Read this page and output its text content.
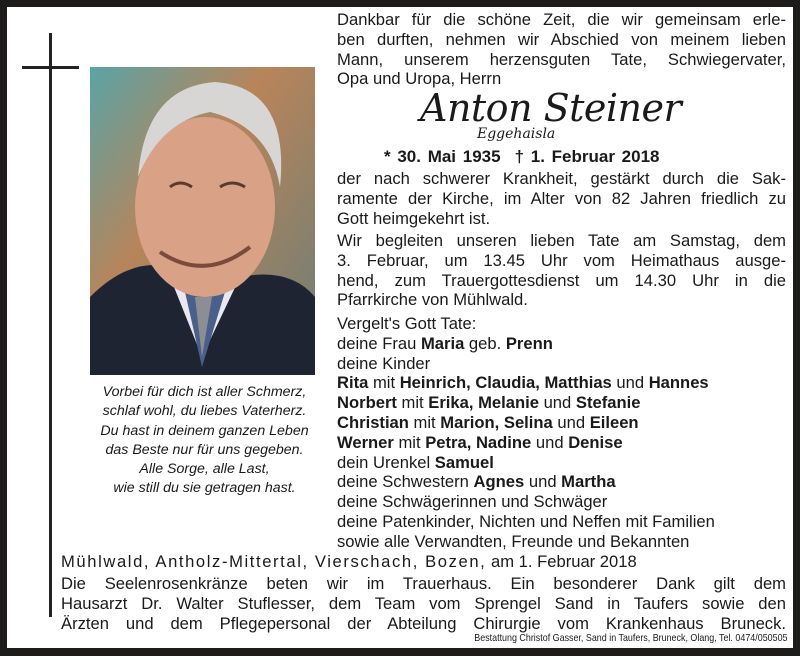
Vorbei für dich ist aller Schmerz,
schlaf wohl, du liebes Vaterherz.
Du hast in deinem ganzen Leben
das Beste nur für uns gegeben.
Alle Sorge, alle Last,
wie still du sie getragen hast.
Dankbar für die schöne Zeit, die wir gemeinsam erle-
ben durften, nehmen wir Abschied von meinem lieben
Mann, unserem herzensguten Tate, Schwiegervater,
Opa und Uropa, Herrn
Anton Steiner
Eggehaisla
* 30. Mai 1935 † 1. Februar 2018
der nach schwerer Krankheit, gestärkt durch die Sak-
ramente der Kirche, im Alter von 82 Jahren friedlich zu
Gott heimgekehrt ist.
Wir begleiten unseren lieben Tate am Samstag, dem
3. Februar, um 13.45 Uhr vom Heimathaus ausge-
hend, zum Trauergottesdienst um 14.30 Uhr in die
Pfarrkirche von Mühlwald.
Vergelt's Gott Tate:
deine Frau Maria geb. Prenn
deine Kinder
Rita mit Heinrich, Claudia, Matthias und Hannes
Norbert mit Erika, Melanie und Stefanie
Christian mit Marion, Selina und Eileen
Werner mit Petra, Nadine und Denise
dein Urenkel Samuel
deine Schwestern Agnes und Martha
deine Schwägerinnen und Schwäger
deine Patenkinder, Nichten und Neffen mit Familien
sowie alle Verwandten, Freunde und Bekannten
Mühlwald, Antholz-Mittertal, Vierschach, Bozen, am 1. Februar 2018
Die Seelenrosenkränze beten wir im Trauerhaus. Ein besonderer Dank gilt dem
Hausarzt Dr. Walter Stuflesser, dem Team vom Sprengel Sand in Taufers sowie den
Ärzten und dem Pflegepersonal der Abteilung Chirurgie vom Krankenhaus Bruneck.
Bestattung Christof Gasser, Sand in Taufers, Bruneck, Olang, Tel. 0474/050505
